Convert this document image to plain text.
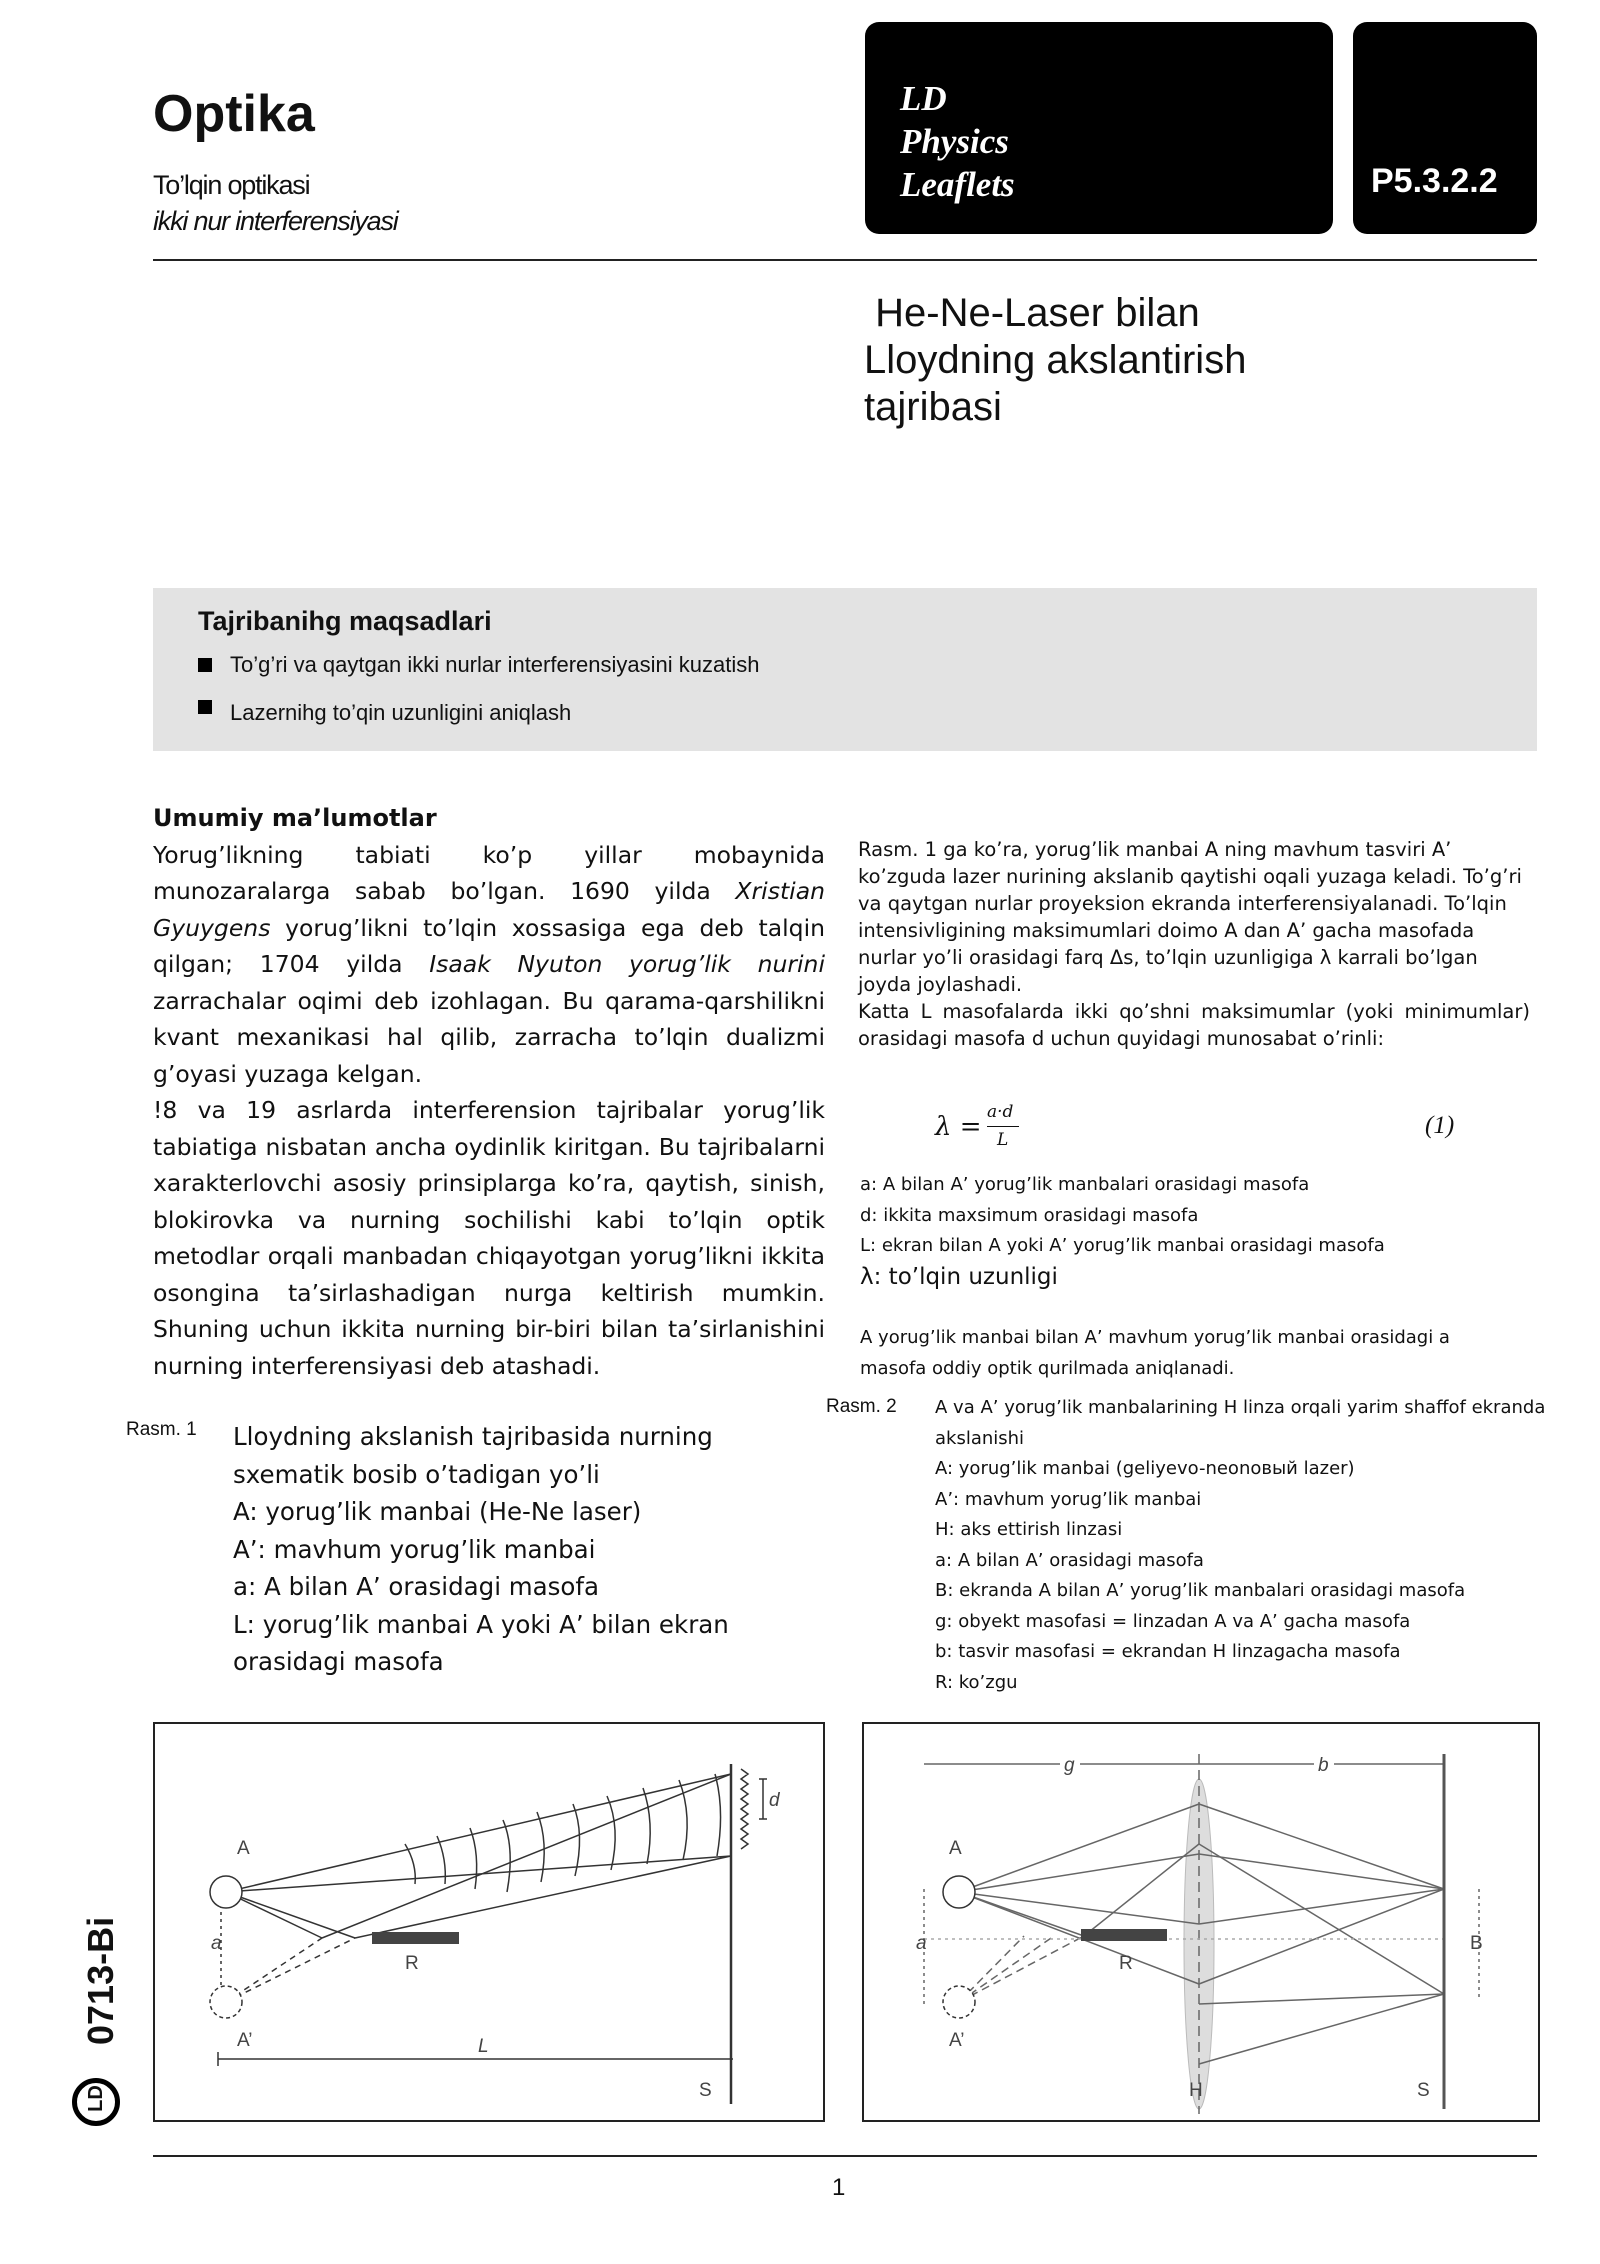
Optika
To’lqin optikasi
ikki nur interferensiyasi
LD
Physics
Leaflets	P5.3.2.2
He-Ne-Laser bilan
Lloydning akslantirish
tajribasi
Tajribanihg maqsadlari
To’g’ri va qaytgan ikki nurlar interferensiyasini kuzatish
Lazernihg to’qin uzunligini aniqlash

Umumiy ma’lumotlar

Yorug’likning tabiati ko’p yillar mobaynida munozaralarga sabab bo’lgan. 1690 yilda Xristian Gyuygens yorug’likni to’lqin xossasiga ega deb talqin qilgan; 1704 yilda Isaak Nyuton yorug’lik nurini zarrachalar oqimi deb izohlagan. Bu qarama-qarshilikni kvant mexanikasi hal qilib, zarracha to’lqin dualizmi g’oyasi yuzaga kelgan.

!8 va 19 asrlarda interferension tajribalar yorug’lik tabiatiga nisbatan ancha oydinlik kiritgan. Bu tajribalarni xarakterlovchi asosiy prinsiplarga ko’ra, qaytish, sinish, blokirovka va nurning sochilishi kabi to’lqin optik metodlar orqali manbadan chiqayotgan yorug’likni ikkita osongina ta’sirlashadigan nurga keltirish mumkin. Shuning uchun ikkita nurning bir-biri bilan ta’sirlanishini nurning interferensiyasi deb atashadi.

Rasm. 1 Lloydning akslanish tajribasida nurning
sxematik bosib o’tadigan yo’li
A: yorug’lik manbai (He-Ne laser)
A’: mavhum yorug’lik manbai
a: A bilan A’ orasidagi masofa
L: yorug’lik manbai A yoki A’ bilan ekran
orasidagi masofa
Rasm. 1 ga ko’ra, yorug’lik manbai A ning mavhum tasviri A’ ko’zguda lazer nurining akslanib qaytishi oqali yuzaga keladi. To’g’ri va qaytgan nurlar proyeksion ekranda interferensiyalanadi. To’lqin intensivligining maksimumlari doimo A dan A’ gacha masofada nurlar yo’li orasidagi farq Δs, to’lqin uzunligiga λ karrali bo’lgan joyda joylashadi.
Katta L masofalarda ikki qo’shni maksimumlar (yoki minimumlar) orasidagi masofa d uchun quyidagi munosabat o’rinli:
λ = a·d
L
(1)
a: A bilan A’ yorug’lik manbalari orasidagi masofa
d: ikkita maxsimum orasidagi masofa
L: ekran bilan A yoki A’ yorug’lik manbai orasidagi masofa
λ: to’lqin uzunligi
A yorug’lik manbai bilan A’ mavhum yorug’lik manbai orasidagi a masofa oddiy optik qurilmada aniqlanadi.
Rasm. 2 A va A’ yorug’lik manbalarining H linza orqali yarim shaffof ekranda
akslanishi
A: yorug’lik manbai (geliyevo-neonoвый lazer)
A’: mavhum yorug’lik manbai
H: aks ettirish linzasi
a: A bilan A’ orasidagi masofa
B: ekranda A bilan A’ yorug’lik manbalari orasidagi masofa
g: obyekt masofasi = linzadan A va A’ gacha masofa
b: tasvir masofasi = ekrandan H linzagacha masofa
R: ko’zgu
A
A’
a
R
L
S
d
g	b
A
A’
a
R
H	S
B
1
0713-Bi
LD
